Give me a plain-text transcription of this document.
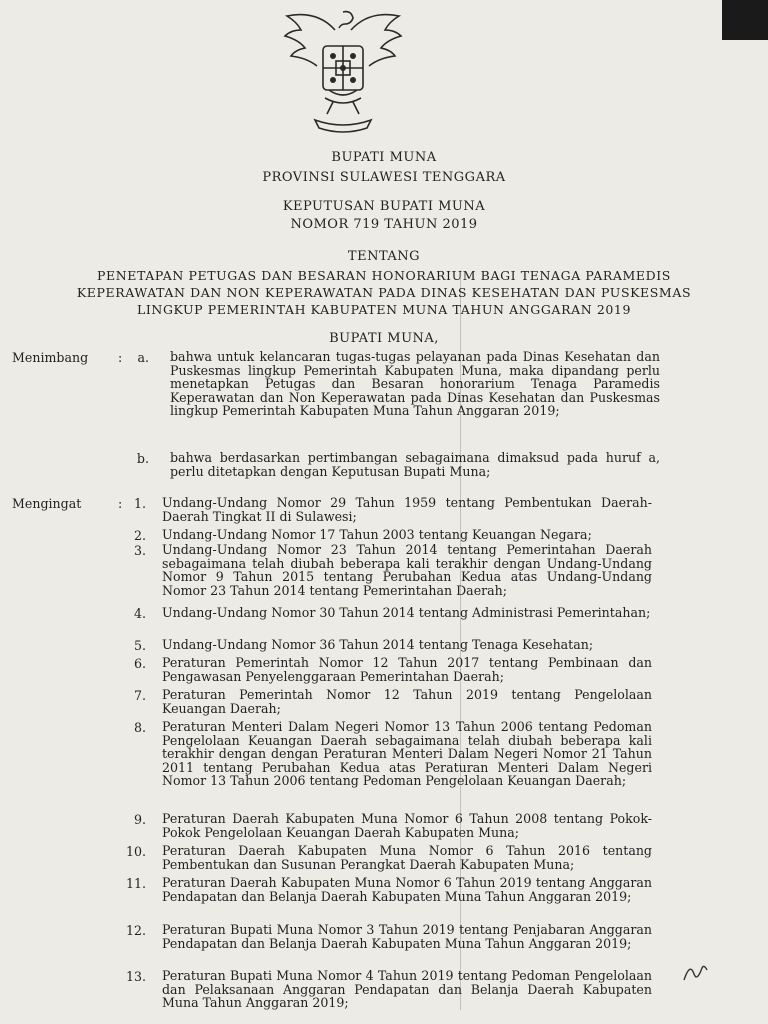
BUPATI MUNA
PROVINSI SULAWESI TENGGARA
KEPUTUSAN BUPATI MUNA
NOMOR 719 TAHUN 2019
TENTANG
PENETAPAN PETUGAS DAN BESARAN HONORARIUM BAGI TENAGA PARAMEDIS
KEPERAWATAN DAN NON KEPERAWATAN PADA DINAS KESEHATAN DAN PUSKESMAS
LINGKUP PEMERINTAH KABUPATEN MUNA TAHUN ANGGARAN 2019
BUPATI MUNA,
Menimbang :	a. bahwa untuk kelancaran tugas-tugas pelayanan pada Dinas Kesehatan dan Puskesmas lingkup Pemerintah Kabupaten Muna, maka dipandang perlu menetapkan Petugas dan Besaran honorarium Tenaga Paramedis Keperawatan dan Non Keperawatan pada Dinas Kesehatan dan Puskesmas lingkup Pemerintah Kabupaten Muna Tahun Anggaran 2019;
b. bahwa berdasarkan pertimbangan sebagaimana dimaksud pada huruf a, perlu ditetapkan dengan Keputusan Bupati Muna;
Mengingat	: 1. Undang-Undang Nomor 29 Tahun 1959 tentang Pembentukan Daerah-Daerah Tingkat II di Sulawesi;
2. Undang-Undang Nomor 17 Tahun 2003 tentang Keuangan Negara;
3. Undang-Undang Nomor 23 Tahun 2014 tentang Pemerintahan Daerah sebagaimana telah diubah beberapa kali terakhir dengan Undang-Undang Nomor 9 Tahun 2015 tentang Perubahan Kedua atas Undang-Undang Nomor 23 Tahun 2014 tentang Pemerintahan Daerah;
4. Undang-Undang Nomor 30 Tahun 2014 tentang Administrasi Pemerintahan;
5. Undang-Undang Nomor 36 Tahun 2014 tentang Tenaga Kesehatan;
6. Peraturan Pemerintah Nomor 12 Tahun 2017 tentang Pembinaan dan Pengawasan Penyelenggaraan Pemerintahan Daerah;
7. Peraturan Pemerintah Nomor 12 Tahun 2019 tentang Pengelolaan Keuangan Daerah;
8. Peraturan Menteri Dalam Negeri Nomor 13 Tahun 2006 tentang Pedoman Pengelolaan Keuangan Daerah sebagaimana telah diubah beberapa kali terakhir dengan dengan Peraturan Menteri Dalam Negeri Nomor 21 Tahun 2011 tentang Perubahan Kedua atas Peraturan Menteri Dalam Negeri Nomor 13 Tahun 2006 tentang Pedoman Pengelolaan Keuangan Daerah;
9. Peraturan Daerah Kabupaten Muna Nomor 6 Tahun 2008 tentang Pokok-Pokok Pengelolaan Keuangan Daerah Kabupaten Muna;
10. Peraturan Daerah Kabupaten Muna Nomor 6 Tahun 2016 tentang Pembentukan dan Susunan Perangkat Daerah Kabupaten Muna;
11. Peraturan Daerah Kabupaten Muna Nomor 6 Tahun 2019 tentang Anggaran Pendapatan dan Belanja Daerah Kabupaten Muna Tahun Anggaran 2019;
12. Peraturan Bupati Muna Nomor 3 Tahun 2019 tentang Penjabaran Anggaran Pendapatan dan Belanja Daerah Kabupaten Muna Tahun Anggaran 2019;
13. Peraturan Bupati Muna Nomor 4 Tahun 2019 tentang Pedoman Pengelolaan dan Pelaksanaan Anggaran Pendapatan dan Belanja Daerah Kabupaten Muna Tahun Anggaran 2019;
